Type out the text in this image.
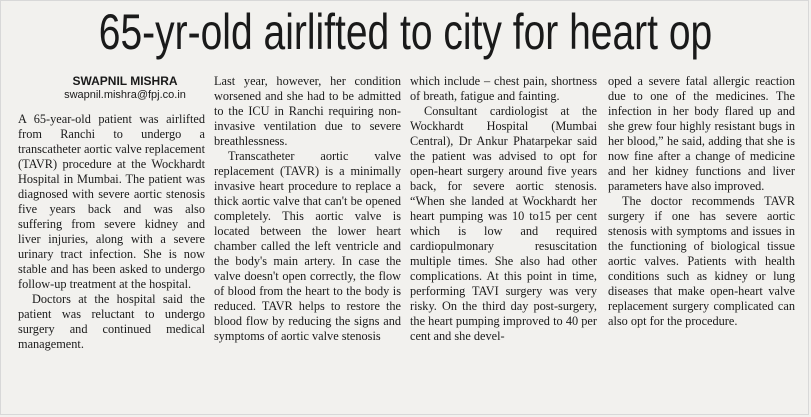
65-yr-old airlifted to city for heart op
SWAPNIL MISHRA
swapnil.mishra@fpj.co.in

A 65-year-old patient was airlifted from Ranchi to undergo a transcatheter aortic valve replacement (TAVR) procedure at the Wockhardt Hospital in Mumbai. The patient was diagnosed with severe aortic stenosis five years back and was also suffering from severe kidney and liver injuries, along with a severe urinary tract infection. She is now stable and has been asked to undergo follow-up treatment at the hospital.

Doctors at the hospital said the patient was reluctant to undergo surgery and continued medical management.

Last year, however, her condition worsened and she had to be admitted to the ICU in Ranchi requiring non-invasive ventilation due to severe breathlessness.

Transcatheter aortic valve replacement (TAVR) is a minimally invasive heart procedure to replace a thick aortic valve that can't be opened completely. This aortic valve is located between the lower heart chamber called the left ventricle and the body's main artery. In case the valve doesn't open correctly, the flow of blood from the heart to the body is reduced. TAVR helps to restore the blood flow by reducing the signs and symptoms of aortic valve stenosis

which include – chest pain, shortness of breath, fatigue and fainting.

Consultant cardiologist at the Wockhardt Hospital (Mumbai Central), Dr Ankur Phatarpekar said the patient was advised to opt for open-heart surgery around five years back, for severe aortic stenosis. “When she landed at Wockhardt her heart pumping was 10 to15 per cent which is low and required cardiopulmonary resuscitation multiple times. She also had other complications. At this point in time, performing TAVI surgery was very risky. On the third day post-surgery, the heart pumping improved to 40 per cent and she devel-

oped a severe fatal allergic reaction due to one of the medicines. The infection in her body flared up and she grew four highly resistant bugs in her blood,” he said, adding that she is now fine after a change of medicine and her kidney functions and liver parameters have also improved.

The doctor recommends TAVR surgery if one has severe aortic stenosis with symptoms and issues in the functioning of biological tissue aortic valves. Patients with health conditions such as kidney or lung diseases that make open-heart valve replacement surgery complicated can also opt for the procedure.
